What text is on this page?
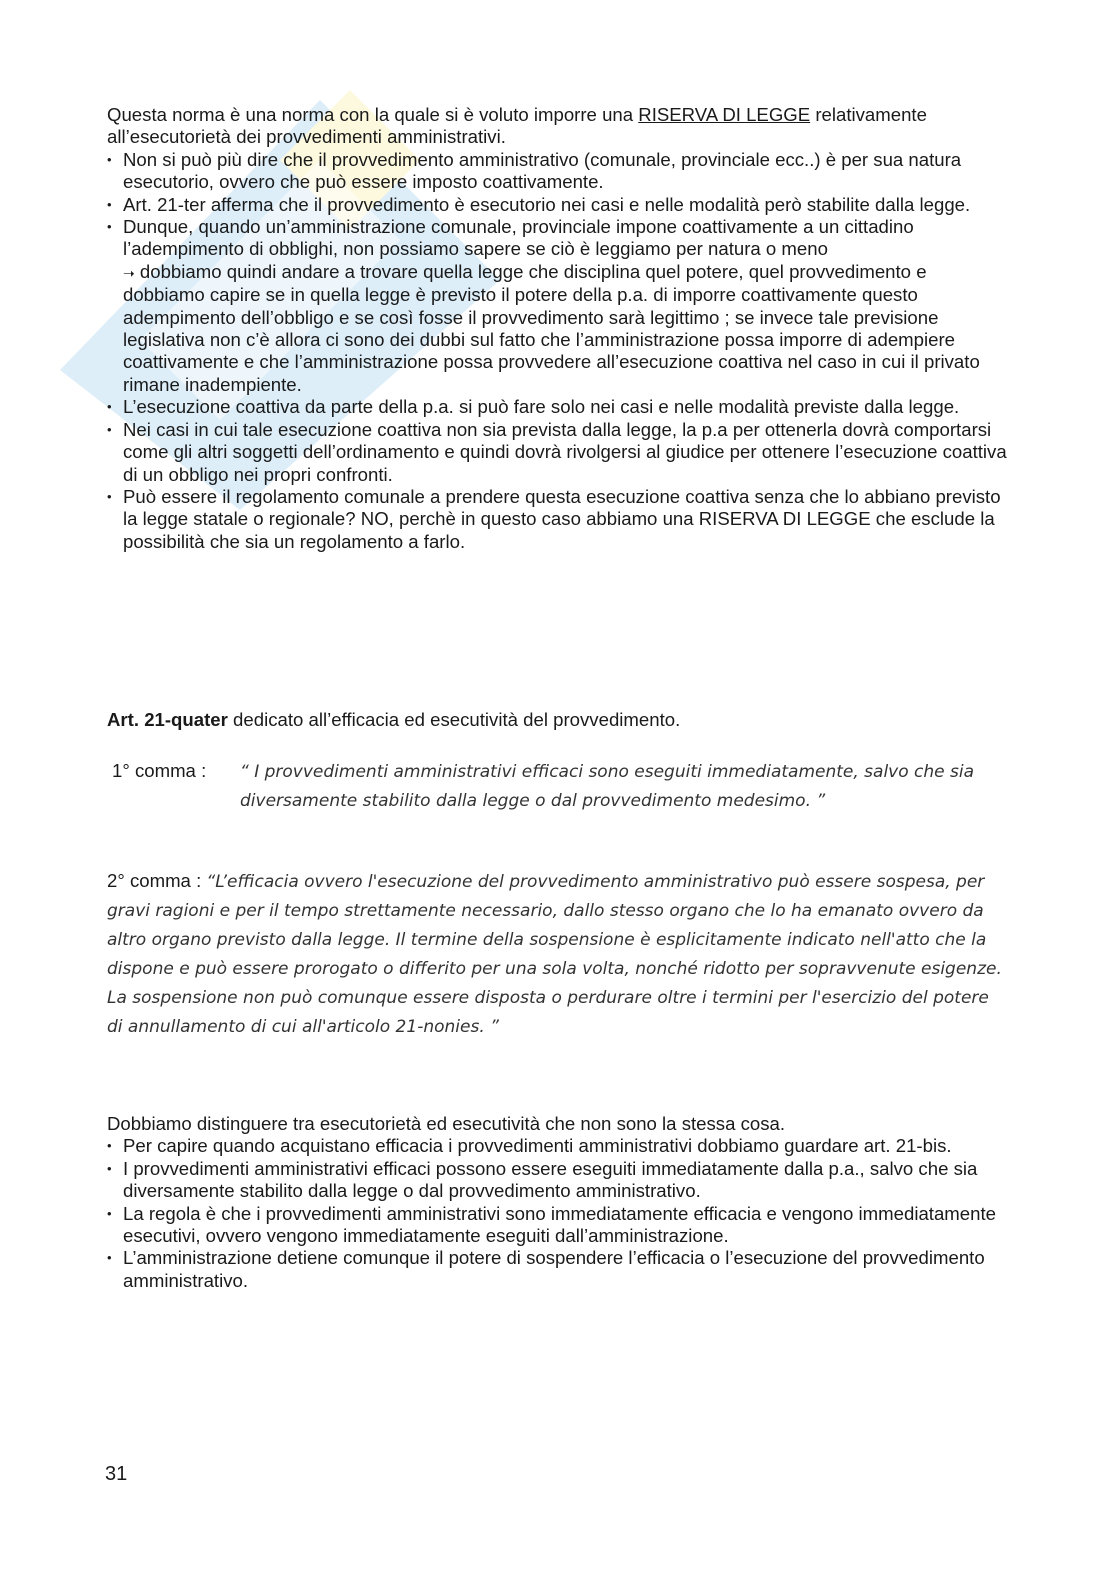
Questa norma è una norma con la quale si è voluto imporre una RISERVA DI LEGGE relativamente all’esecutorietà dei provvedimenti amministrativi.

• Non si può più dire che il provvedimento amministrativo (comunale, provinciale ecc..) è per sua natura esecutorio, ovvero che può essere imposto coattivamente.
• Art. 21-ter afferma che il provvedimento è esecutorio nei casi e nelle modalità però stabilite dalla legge.
• Dunque, quando un’amministrazione comunale, provinciale impone coattivamente a un cittadino l’adempimento di obblighi, non possiamo sapere se ciò è leggiamo per natura o meno
➝ dobbiamo quindi andare a trovare quella legge che disciplina quel potere, quel provvedimento e dobbiamo capire se in quella legge è previsto il potere della p.a. di imporre coattivamente questo adempimento dell’obbligo e se così fosse il provvedimento sarà legittimo ; se invece tale previsione legislativa non c’è allora ci sono dei dubbi sul fatto che l’amministrazione possa imporre di adempiere coattivamente e che l’amministrazione possa provvedere all’esecuzione coattiva nel caso in cui il privato rimane inadempiente.
• L’esecuzione coattiva da parte della p.a. si può fare solo nei casi e nelle modalità previste dalla legge.
• Nei casi in cui tale esecuzione coattiva non sia prevista dalla legge, la p.a per ottenerla dovrà comportarsi come gli altri soggetti dell’ordinamento e quindi dovrà rivolgersi al giudice per ottenere l’esecuzione coattiva di un obbligo nei propri confronti.
• Può essere il regolamento comunale a prendere questa esecuzione coattiva senza che lo abbiano previsto la legge statale o regionale? NO, perchè in questo caso abbiamo una RISERVA DI LEGGE che esclude la possibilità che sia un regolamento a farlo.

Art. 21-quater dedicato all’efficacia ed esecutività del provvedimento.

1° comma :“ I provvedimenti amministrativi efficaci sono eseguiti immediatamente, salvo che sia
diversamente stabilito dalla legge o dal provvedimento medesimo. ”

2° comma : “L’efficacia ovvero l'esecuzione del provvedimento amministrativo può essere sospesa, per gravi ragioni e per il tempo strettamente necessario, dallo stesso organo che lo ha emanato ovvero da altro organo previsto dalla legge. Il termine della sospensione è esplicitamente indicato nell'atto che la dispone e può essere prorogato o differito per una sola volta, nonché ridotto per sopravvenute esigenze. La sospensione non può comunque essere disposta o perdurare oltre i termini per l'esercizio del potere di annullamento di cui all'articolo 21-nonies. ”

Dobbiamo distinguere tra esecutorietà ed esecutività che non sono la stessa cosa.

• Per capire quando acquistano efficacia i provvedimenti amministrativi dobbiamo guardare art. 21-bis.
• I provvedimenti amministrativi efficaci possono essere eseguiti immediatamente dalla p.a., salvo che sia diversamente stabilito dalla legge o dal provvedimento amministrativo.
• La regola è che i provvedimenti amministrativi sono immediatamente efficacia e vengono immediatamente esecutivi, ovvero vengono immediatamente eseguiti dall’amministrazione.
• L’amministrazione detiene comunque il potere di sospendere l’efficacia o l’esecuzione del provvedimento amministrativo.
31
